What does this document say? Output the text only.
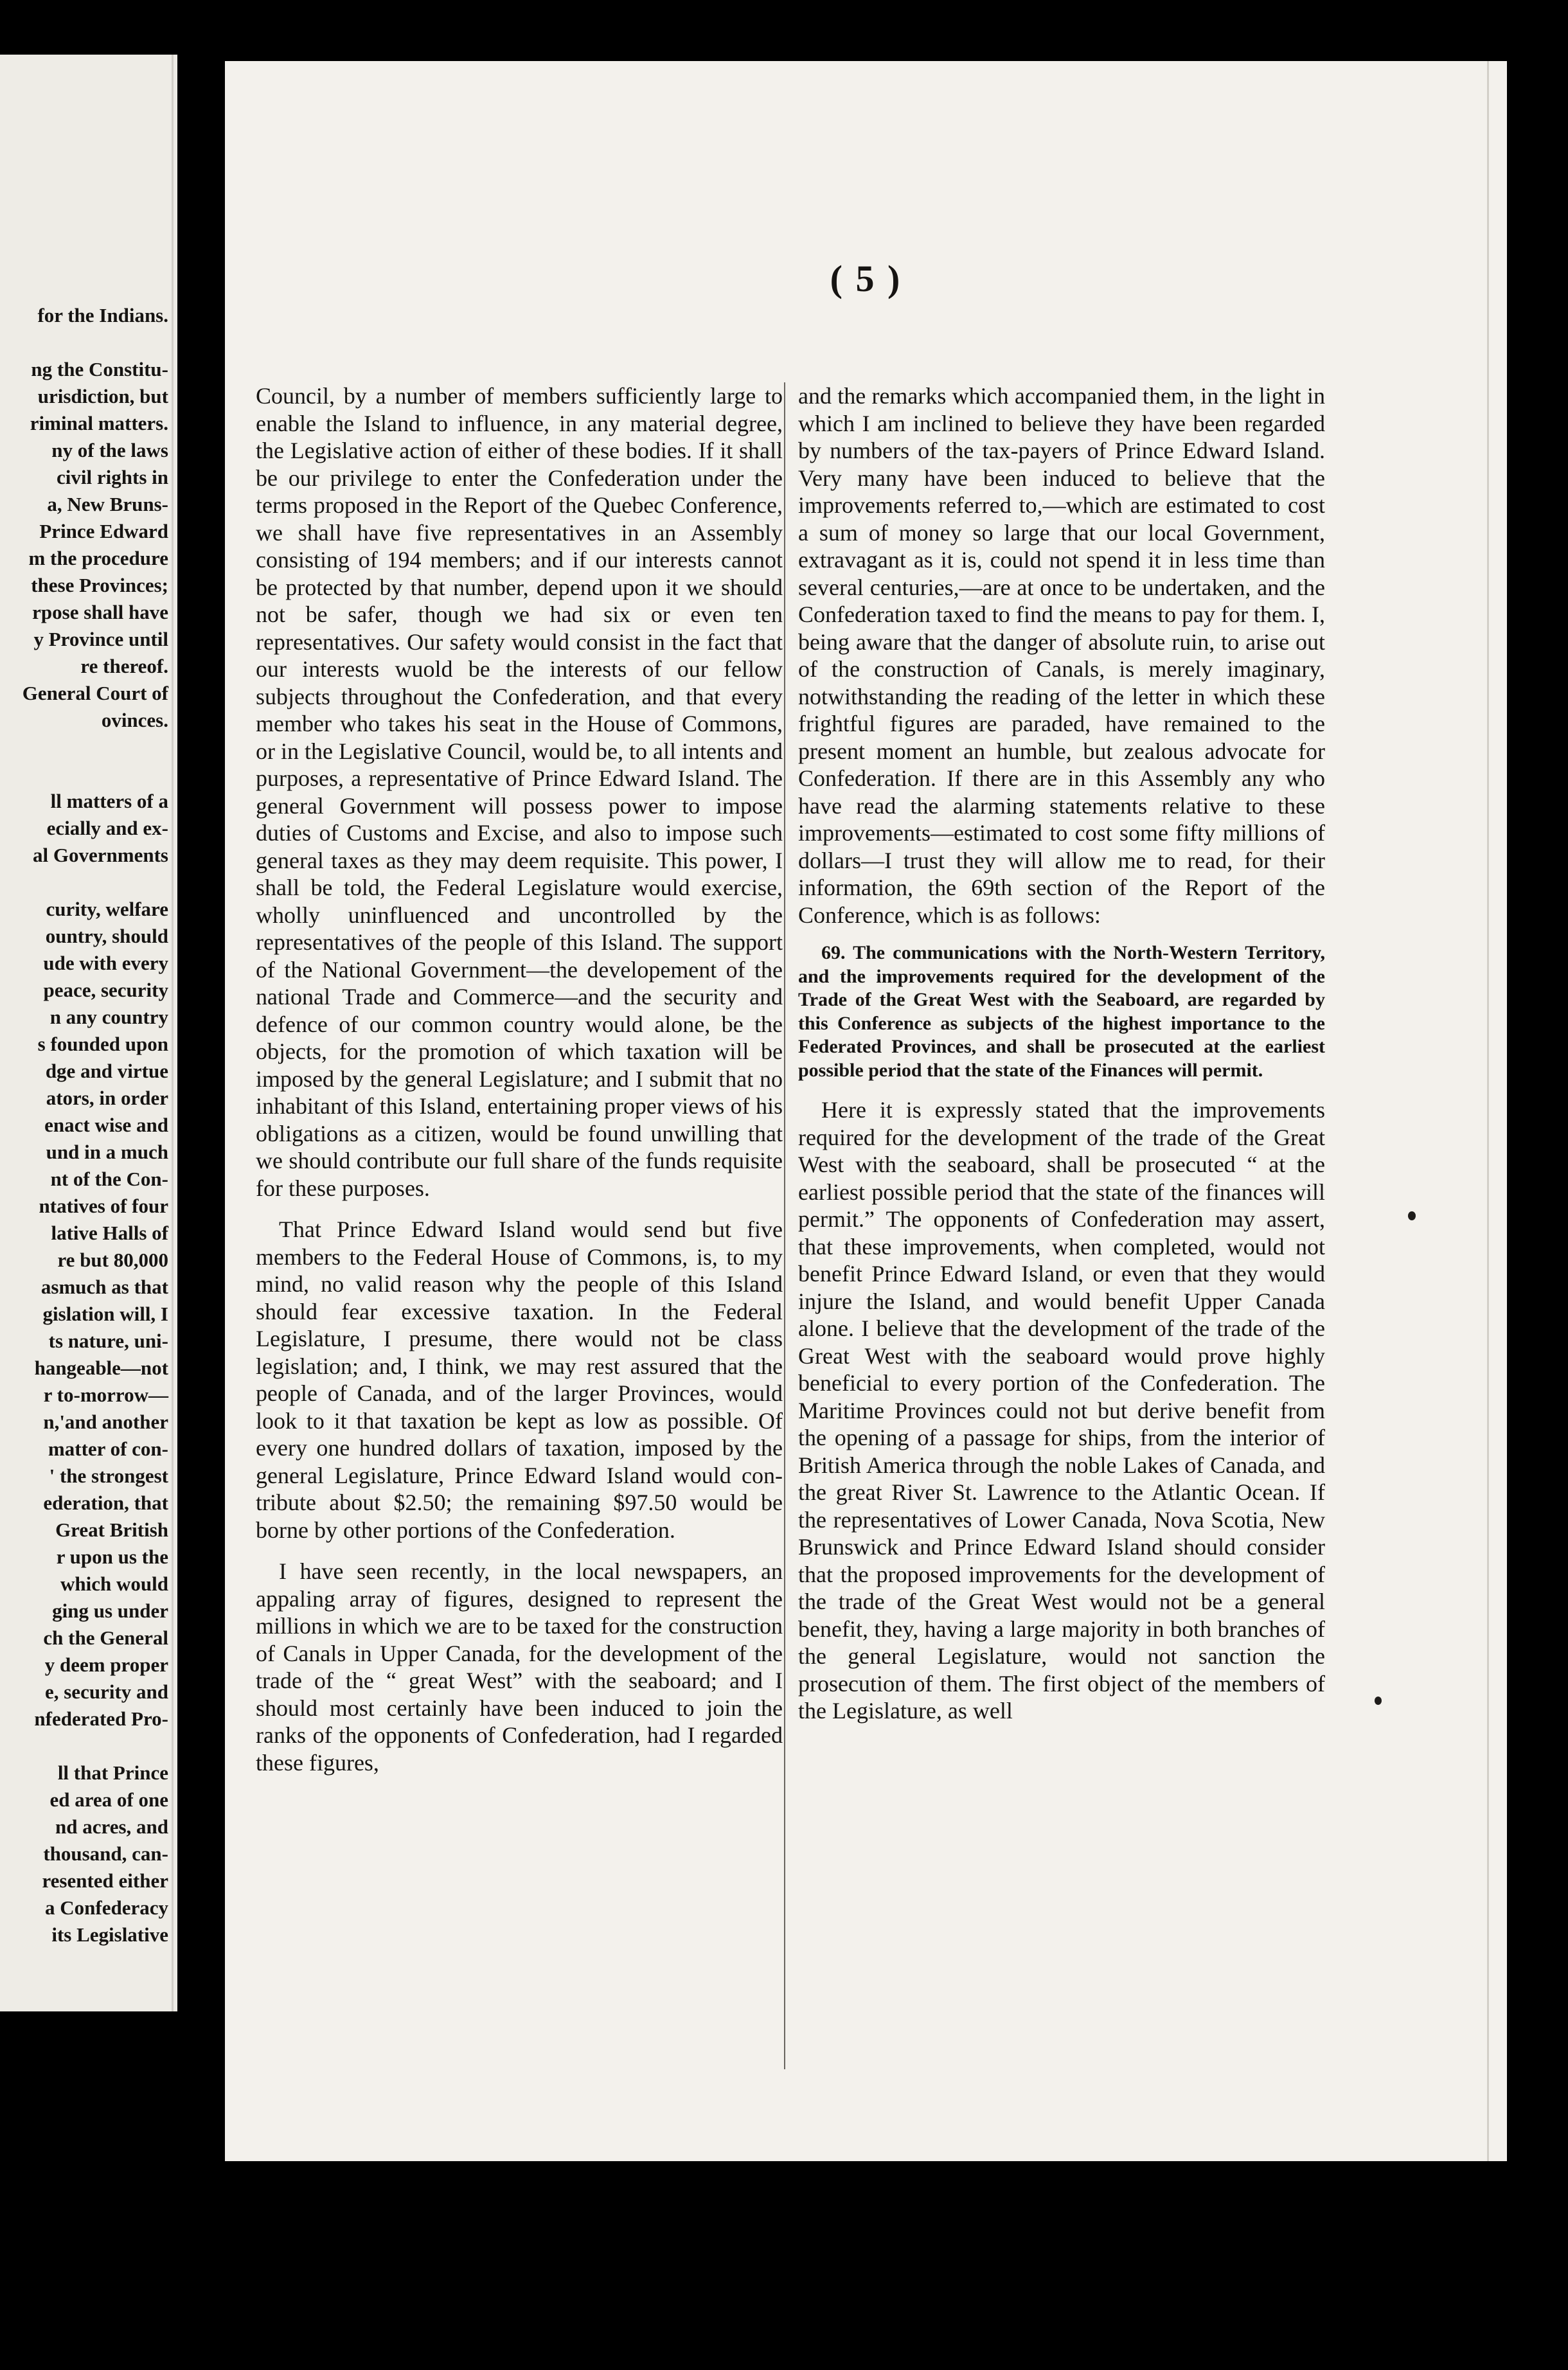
for the Indians.
ng the Constitu-
urisdiction, but
riminal matters.
ny of the laws
civil rights in
a, New Bruns-
Prince Edward
m the procedure
these Provinces;
rpose shall have
y Province until
re thereof.
General Court of
ovinces.
ll matters of a
ecially and ex-
al Governments
curity, welfare
ountry, should
ude with every
peace, security
n any country
s founded upon
dge and virtue
ators, in order
enact wise and
und in a much
nt of the Con-
ntatives of four
lative Halls of
re but 80,000
asmuch as that
gislation will, I
ts nature, uni-
hangeable—not
r to-morrow—
n,'and another
matter of con-
' the strongest
ederation, that
Great British
r upon us the
which would
ging us under
ch the General
y deem proper
e, security and
nfederated Pro-
ll that Prince
ed area of one
nd acres, and
thousand, can-
resented either
a Confederacy
its Legislative
( 5 )

Council, by a number of members sufficiently large to enable the Island to influence, in any material degree, the Legislative action of either of these bodies. If it shall be our privilege to enter the Confederation under the terms proposed in the Report of the Quebec Conference, we shall have five representatives in an Assembly consisting of 194 members; and if our interests cannot be protected by that number, depend upon it we should not be safer, though we had six or even ten representatives. Our safety would consist in the fact that our interests wuold be the interests of our fellow subjects throughout the Confederation, and that every member who takes his seat in the House of Commons, or in the Legislative Council, would be, to all intents and purposes, a representative of Prince Edward Island. The general Government will possess power to impose duties of Customs and Excise, and also to impose such general taxes as they may deem requisite. This power, I shall be told, the Federal Legislature would exercise, wholly uninfluenced and uncontrolled by the representatives of the people of this Island. The support of the National Government—the developement of the national Trade and Commerce—and the security and defence of our common country would alone, be the objects, for the promotion of which taxation will be imposed by the general Legislature; and I submit that no inhabitant of this Island, entertaining proper views of his obligations as a citizen, would be found unwilling that we should contribute our full share of the funds requisite for these purposes.

That Prince Edward Island would send but five members to the Federal House of Commons, is, to my mind, no valid reason why the people of this Island should fear excessive taxation. In the Federal Legislature, I presume, there would not be class legislation; and, I think, we may rest assured that the people of Canada, and of the larger Provinces, would look to it that taxation be kept as low as possible. Of every one hundred dollars of taxation, imposed by the general Legislature, Prince Edward Island would contribute about $2.50; the remaining $97.50 would be borne by other portions of the Confederation.

I have seen recently, in the local newspapers, an appaling array of figures, designed to represent the millions in which we are to be taxed for the construction of Canals in Upper Canada, for the development of the trade of the “ great West” with the seaboard; and I should most certainly have been induced to join the ranks of the opponents of Confederation, had I regarded these figures,

and the remarks which accompanied them, in the light in which I am inclined to believe they have been regarded by numbers of the tax-payers of Prince Edward Island. Very many have been induced to believe that the improvements referred to,—which are estimated to cost a sum of money so large that our local Government, extravagant as it is, could not spend it in less time than several centuries,—are at once to be undertaken, and the Confederation taxed to find the means to pay for them. I, being aware that the danger of absolute ruin, to arise out of the construction of Canals, is merely imaginary, notwithstanding the reading of the letter in which these frightful figures are paraded, have remained to the present moment an humble, but zealous advocate for Confederation. If there are in this Assembly any who have read the alarming statements relative to these improvements—estimated to cost some fifty millions of dollars—I trust they will allow me to read, for their information, the 69th section of the Report of the Conference, which is as follows:

69. The communications with the North-Western Territory, and the improvements required for the development of the Trade of the Great West with the Seaboard, are regarded by this Conference as subjects of the highest importance to the Federated Provinces, and shall be prosecuted at the earliest possible period that the state of the Finances will permit.

Here it is expressly stated that the improvements required for the development of the trade of the Great West with the seaboard, shall be prosecuted “ at the earliest possible period that the state of the finances will permit.” The opponents of Confederation may assert, that these improvements, when completed, would not benefit Prince Edward Island, or even that they would injure the Island, and would benefit Upper Canada alone. I believe that the development of the trade of the Great West with the seaboard would prove highly beneficial to every portion of the Confederation. The Maritime Provinces could not but derive benefit from the opening of a passage for ships, from the interior of British America through the noble Lakes of Canada, and the great River St. Lawrence to the Atlantic Ocean. If the representatives of Lower Canada, Nova Scotia, New Brunswick and Prince Edward Island should consider that the proposed improvements for the development of the trade of the Great West would not be a general benefit, they, having a large majority in both branches of the general Legislature, would not sanction the prosecution of them. The first object of the members of the Legislature, as well
